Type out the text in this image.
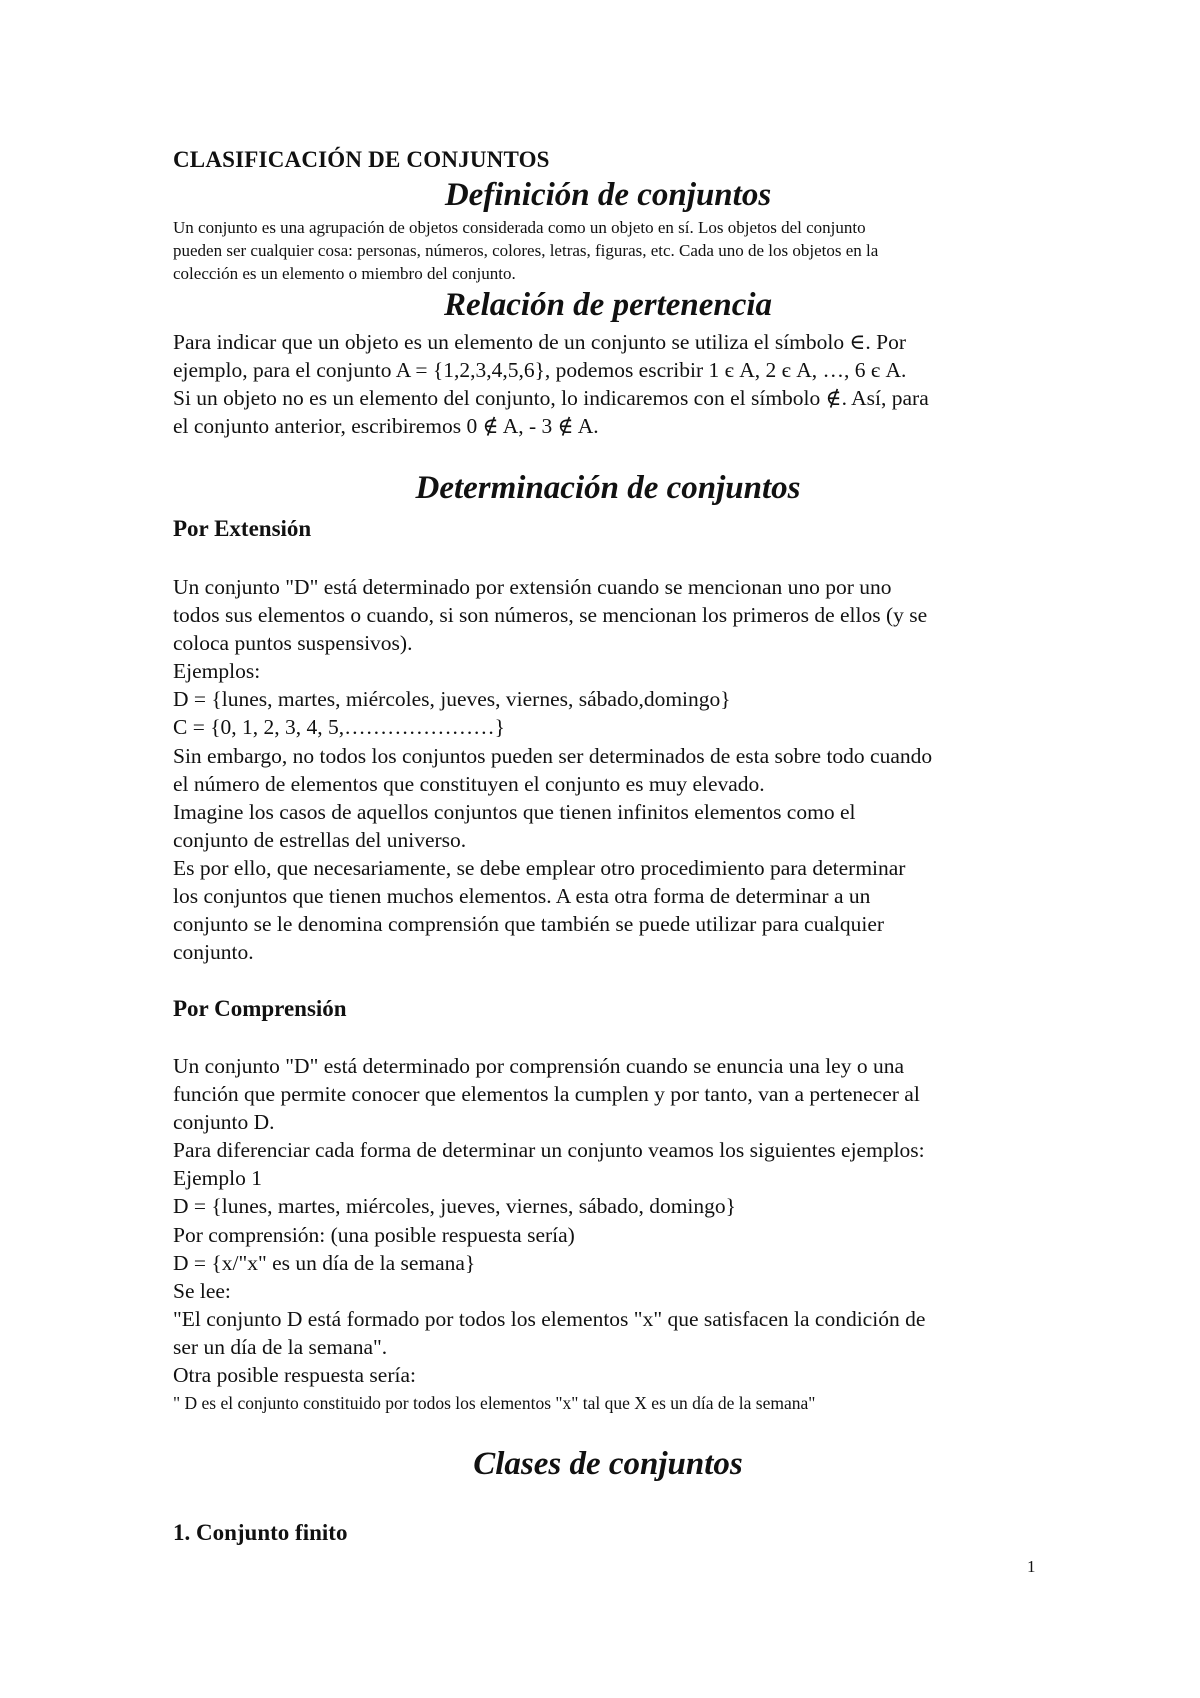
CLASIFICACIÓN DE CONJUNTOS
Definición de conjuntos
Un conjunto es una agrupación de objetos considerada como un objeto en sí. Los objetos del conjunto
pueden ser cualquier cosa: personas, números, colores, letras, figuras, etc. Cada uno de los objetos en la
colección es un elemento o miembro del conjunto.
Relación de pertenencia
Para indicar que un objeto es un elemento de un conjunto se utiliza el símbolo ∈. Por
ejemplo, para el conjunto A = {1,2,3,4,5,6}, podemos escribir 1 є A, 2 є A, …, 6 є A.
Si un objeto no es un elemento del conjunto, lo indicaremos con el símbolo ∉. Así, para
el conjunto anterior, escribiremos 0 ∉ A, - 3 ∉ A.
Determinación de conjuntos
Por Extensión
Un conjunto "D" está determinado por extensión cuando se mencionan uno por uno
todos sus elementos o cuando, si son números, se mencionan los primeros de ellos (y se
coloca puntos suspensivos).
Ejemplos:
D = {lunes, martes, miércoles, jueves, viernes, sábado,domingo}
C = {0, 1, 2, 3, 4, 5,…………………}
Sin embargo, no todos los conjuntos pueden ser determinados de esta sobre todo cuando
el número de elementos que constituyen el conjunto es muy elevado.
Imagine los casos de aquellos conjuntos que tienen infinitos elementos como el
conjunto de estrellas del universo.
Es por ello, que necesariamente, se debe emplear otro procedimiento para determinar
los conjuntos que tienen muchos elementos. A esta otra forma de determinar a un
conjunto se le denomina comprensión que también se puede utilizar para cualquier
conjunto.
Por Comprensión
Un conjunto "D" está determinado por comprensión cuando se enuncia una ley o una
función que permite conocer que elementos la cumplen y por tanto, van a pertenecer al
conjunto D.
Para diferenciar cada forma de determinar un conjunto veamos los siguientes ejemplos:
Ejemplo 1
D = {lunes, martes, miércoles, jueves, viernes, sábado, domingo}
Por comprensión: (una posible respuesta sería)
D = {x/"x" es un día de la semana}
Se lee:
"El conjunto D está formado por todos los elementos "x" que satisfacen la condición de
ser un día de la semana".
Otra posible respuesta sería:
" D es el conjunto constituido por todos los elementos "x" tal que X es un día de la semana"
Clases de conjuntos
1. Conjunto finito
1
